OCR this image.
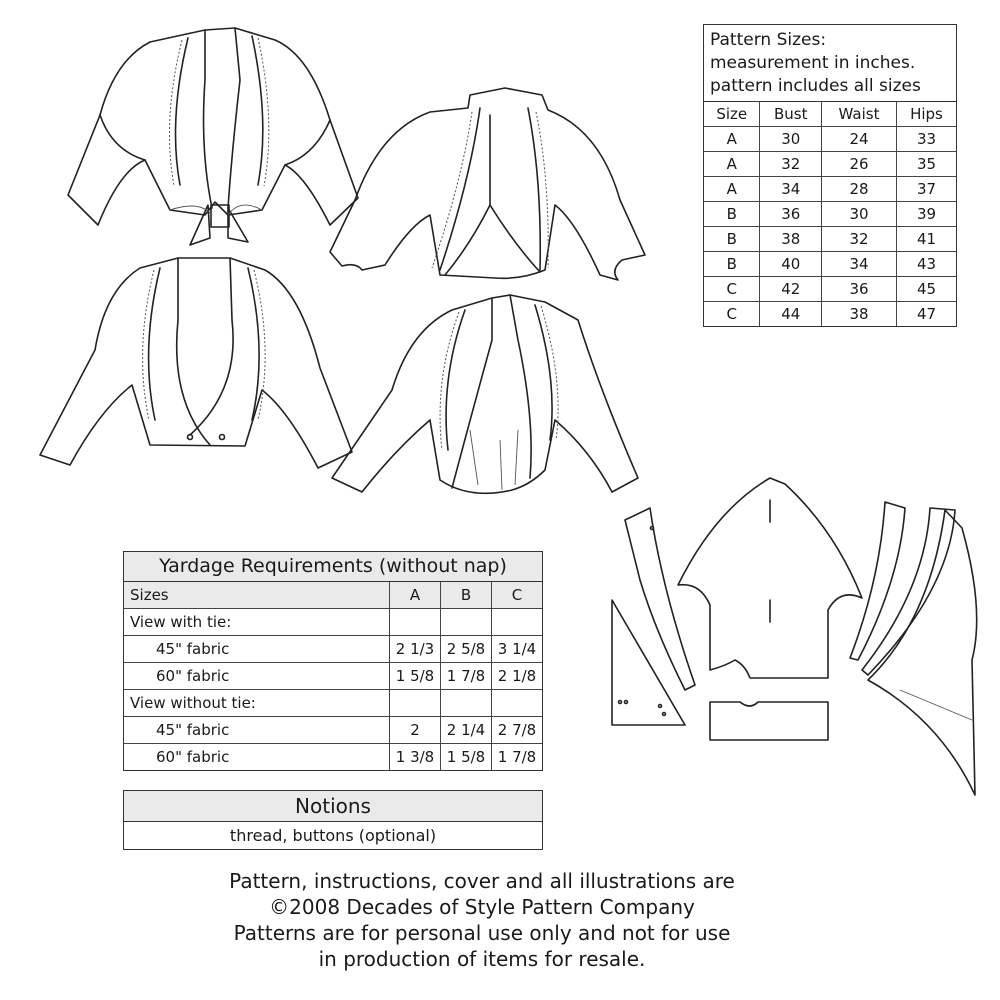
Pattern Sizes:
measurement in inches.
pattern includes all sizes
Size	Bust	Waist	Hips
A	30	24	33
A	32	26	35
A	34	28	37
B	36	30	39
B	38	32	41
B	40	34	43
C	42	36	45
C	44	38	47
Yardage Requirements (without nap)
Sizes	A	B	C
View with tie:			
45" fabric	2 1/3	2 5/8	3 1/4
60" fabric	1 5/8	1 7/8	2 1/8
View without tie:			
45" fabric	2	2 1/4	2 7/8
60" fabric	1 3/8	1 5/8	1 7/8
Notions
thread, buttons (optional)
Pattern, instructions, cover and all illustrations are
©2008 Decades of Style Pattern Company
Patterns are for personal use only and not for use
in production of items for resale.
